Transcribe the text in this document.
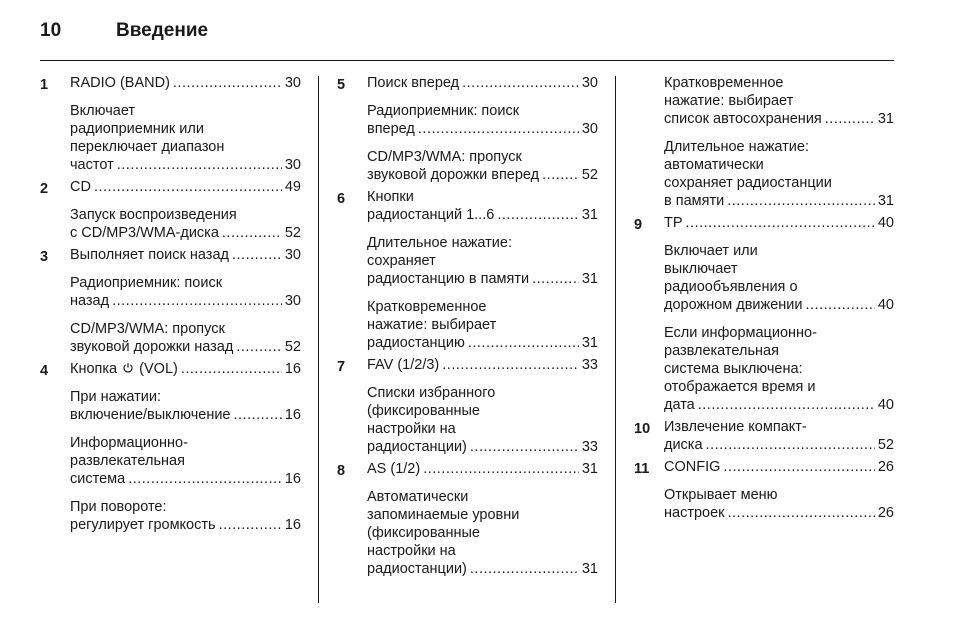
10	Введение
1 RADIO (BAND) .....	30
Включает
радиоприемник или
переключает диапазон
частот .....	30
2 CD .....	49
Запуск воспроизведения
с CD/MP3/WMA-диска .....	52
3 Выполняет поиск назад .....	30
Радиоприемник: поиск
назад .....	30
CD/MP3/WMA: пропуск
звуковой дорожки назад .....	52
4 Кнопка (VOL) .....	16
При нажатии:
включение/выключение .....	16
Информационно-
развлекательная
система .....	16
При повороте:
регулирует громкость .....	16
5 Поиск вперед .....	30
Радиоприемник: поиск
вперед .....	30
CD/MP3/WMA: пропуск
звуковой дорожки вперед .....	52
6 Кнопки
радиостанций 1...6 .....	31
Длительное нажатие:
сохраняет
радиостанцию в памяти .....	31
Кратковременное
нажатие: выбирает
радиостанцию .....	31
7 FAV (1/2/3) .....	33
Списки избранного
(фиксированные
настройки на
радиостанции) .....	33
8 AS (1/2) .....	31
Автоматически
запоминаемые уровни
(фиксированные
настройки на
радиостанции) .....	31
Кратковременное
нажатие: выбирает
список автосохранения .....	31
Длительное нажатие:
автоматически
сохраняет радиостанции
в памяти .....	31
9 TP .....	40
Включает или
выключает
радиообъявления о
дорожном движении .....	40
Если информационно-
развлекательная
система выключена:
отображается время и
дата .....	40
10 Извлечение компакт-
диска .....	52
11 CONFIG .....	26
Открывает меню
настроек .....	26
